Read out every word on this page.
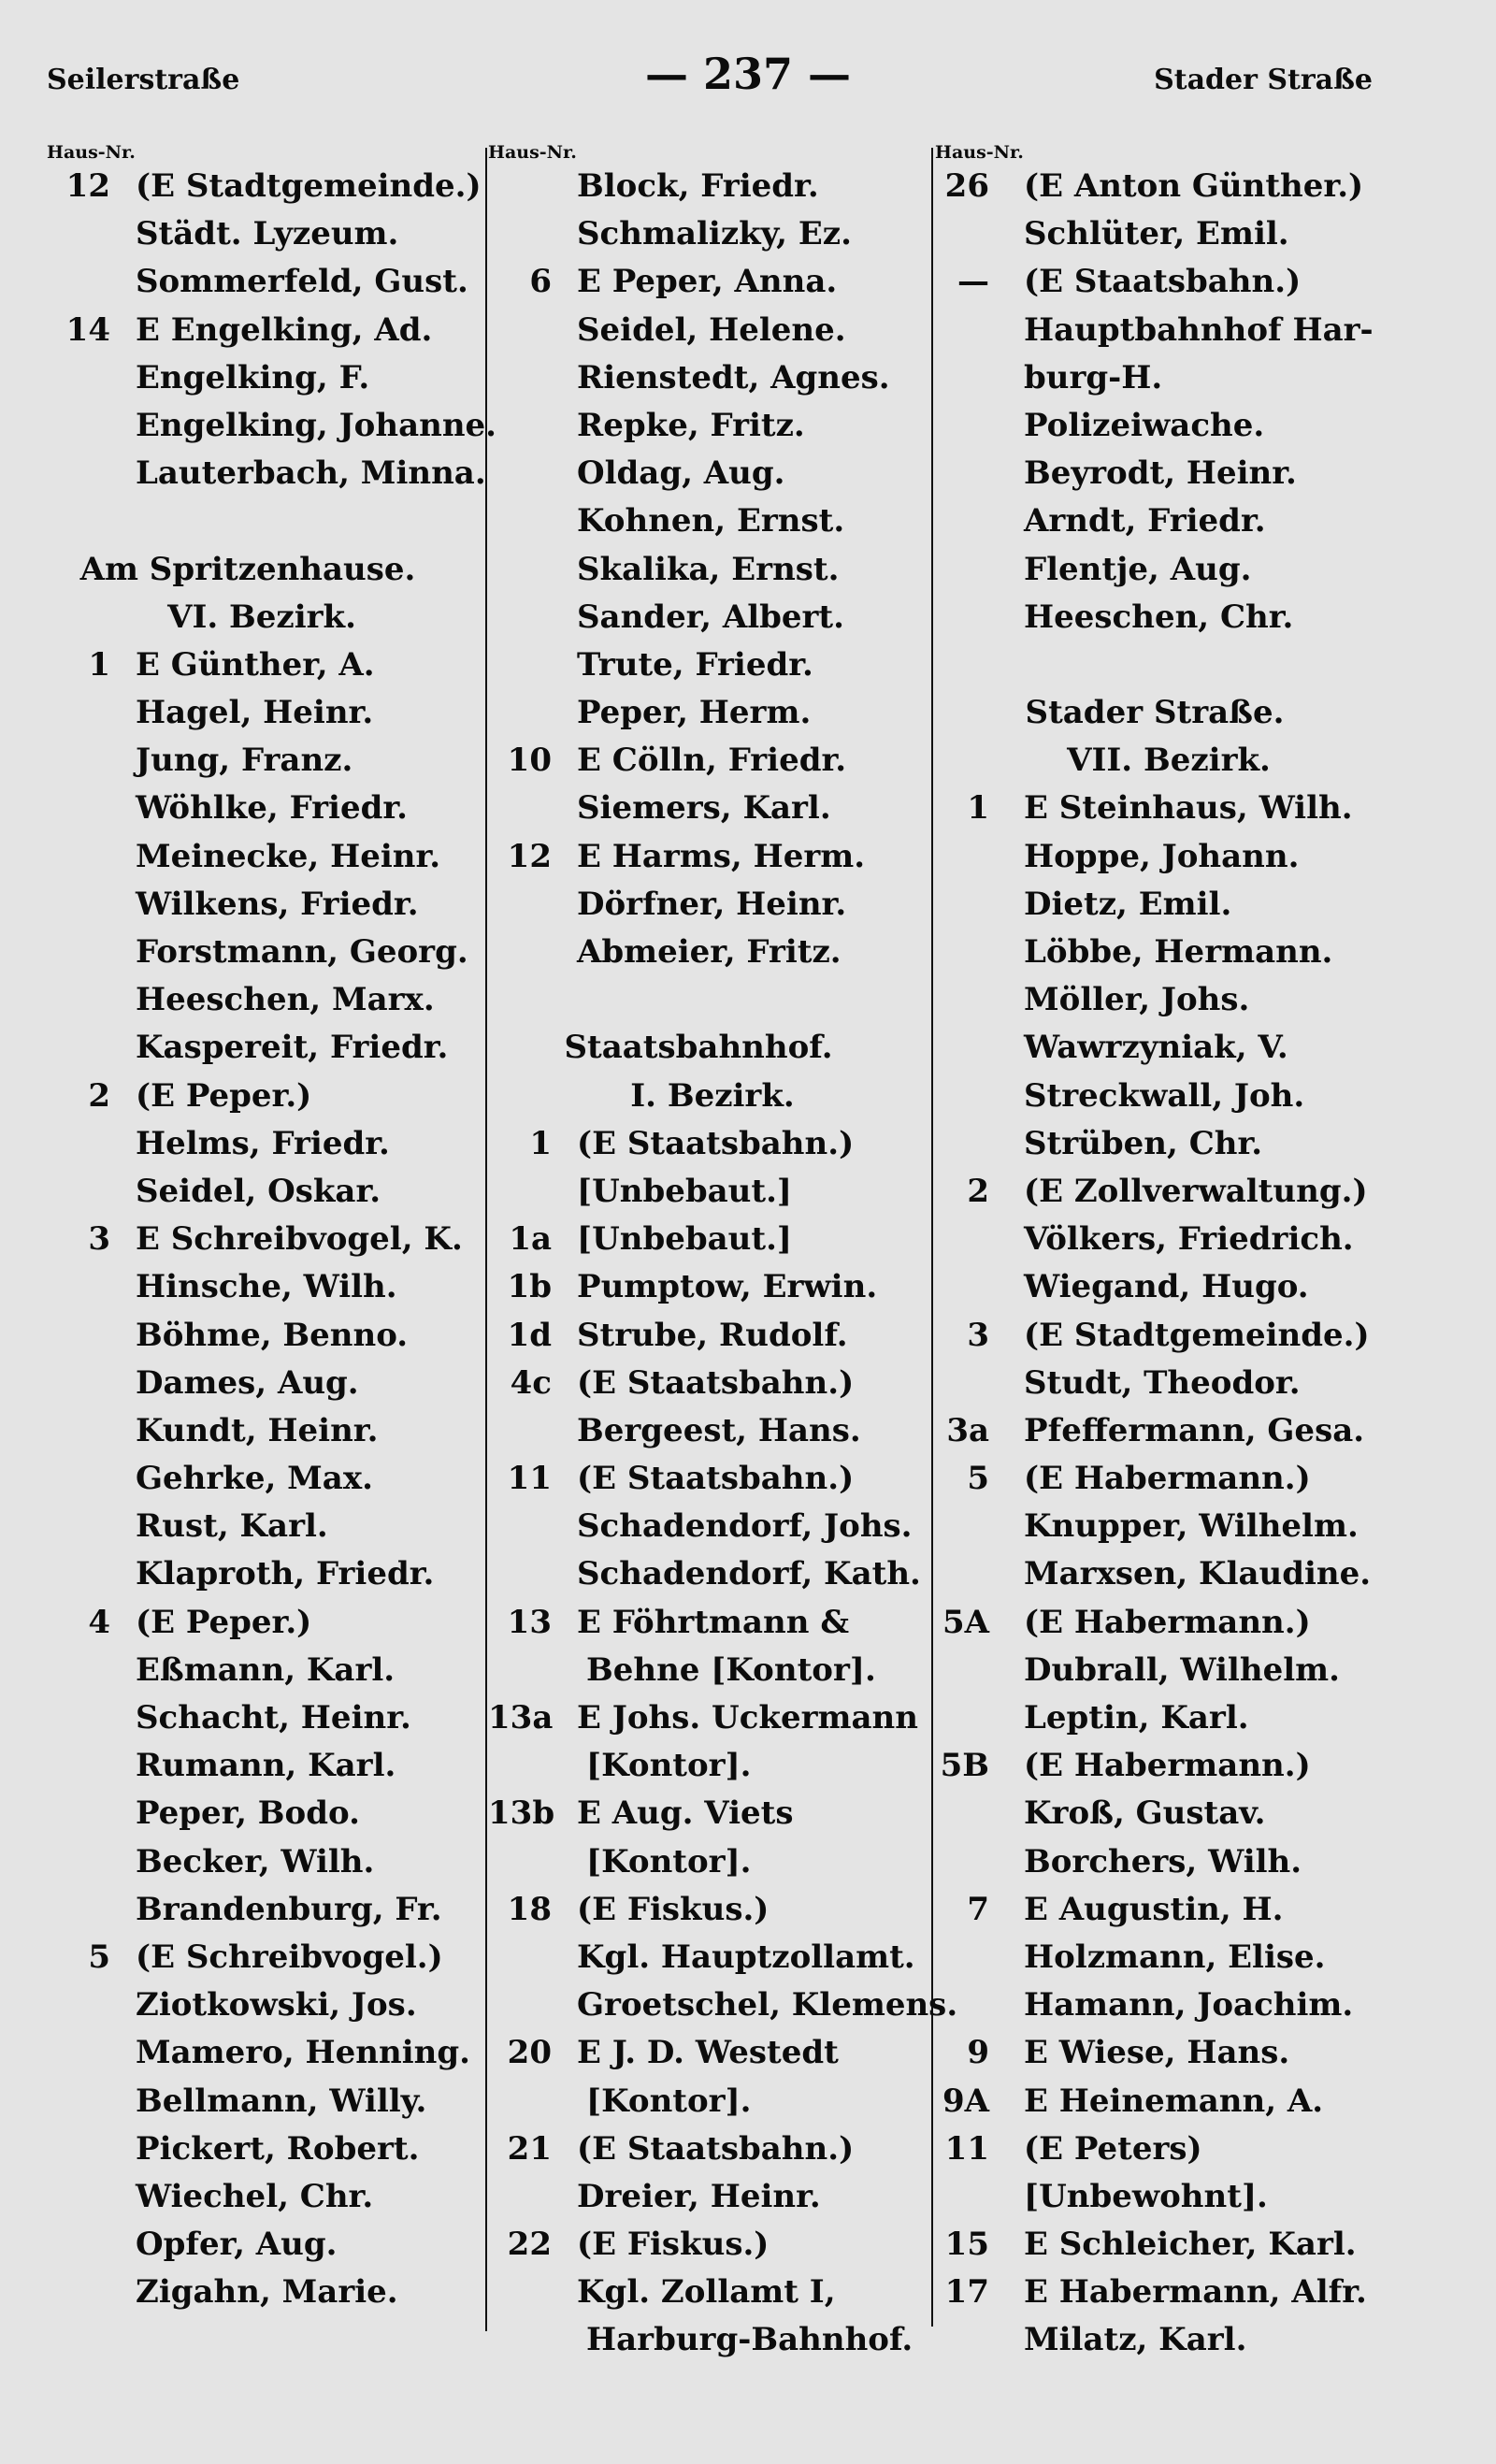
Seilerstraße	— 237 —	Stader Straße
Haus-Nr.
12 (E Stadtgemeinde.)
Städt. Lyzeum.
Sommerfeld, Gust.
14 E Engelking, Ad.
Engelking, F.
Engelking, Johanne.
Lauterbach, Minna.
Am Spritzenhause.
VI. Bezirk.
1 E Günther, A.
Hagel, Heinr.
Jung, Franz.
Wöhlke, Friedr.
Meinecke, Heinr.
Wilkens, Friedr.
Forstmann, Georg.
Heeschen, Marx.
Kaspereit, Friedr.
2 (E Peper.)
Helms, Friedr.
Seidel, Oskar.
3 E Schreibvogel, K.
Hinsche, Wilh.
Böhme, Benno.
Dames, Aug.
Kundt, Heinr.
Gehrke, Max.
Rust, Karl.
Klaproth, Friedr.
4 (E Peper.)
Eßmann, Karl.
Schacht, Heinr.
Rumann, Karl.
Peper, Bodo.
Becker, Wilh.
Brandenburg, Fr.
5 (E Schreibvogel.)
Ziotkowski, Jos.
Mamero, Henning.
Bellmann, Willy.
Pickert, Robert.
Wiechel, Chr.
Opfer, Aug.
Zigahn, Marie.
Haus-Nr.
Block, Friedr.
Schmalizky, Ez.
6 E Peper, Anna.
Seidel, Helene.
Rienstedt, Agnes.
Repke, Fritz.
Oldag, Aug.
Kohnen, Ernst.
Skalika, Ernst.
Sander, Albert.
Trute, Friedr.
Peper, Herm.
10 E Cölln, Friedr.
Siemers, Karl.
12 E Harms, Herm.
Dörfner, Heinr.
Abmeier, Fritz.
Staatsbahnhof.
I. Bezirk.
1 (E Staatsbahn.)
[Unbebaut.]
1a [Unbebaut.]
1b Pumptow, Erwin.
1d Strube, Rudolf.
4c (E Staatsbahn.)
Bergeest, Hans.
11 (E Staatsbahn.)
Schadendorf, Johs.
Schadendorf, Kath.
13 E Föhrtmann &
Behne [Kontor].
13a E Johs. Uckermann
[Kontor].
13b E Aug. Viets
[Kontor].
18 (E Fiskus.)
Kgl. Hauptzollamt.
Groetschel, Klemens.
20 E J. D. Westedt
[Kontor].
21 (E Staatsbahn.)
Dreier, Heinr.
22 (E Fiskus.)
Kgl. Zollamt I,
Harburg-Bahnhof.
Haus-Nr.
26 (E Anton Günther.)
Schlüter, Emil.
— (E Staatsbahn.)
Hauptbahnhof Har-
burg-H.
Polizeiwache.
Beyrodt, Heinr.
Arndt, Friedr.
Flentje, Aug.
Heeschen, Chr.
Stader Straße.
VII. Bezirk.
1 E Steinhaus, Wilh.
Hoppe, Johann.
Dietz, Emil.
Löbbe, Hermann.
Möller, Johs.
Wawrzyniak, V.
Streckwall, Joh.
Strüben, Chr.
2 (E Zollverwaltung.)
Völkers, Friedrich.
Wiegand, Hugo.
3 (E Stadtgemeinde.)
Studt, Theodor.
3a Pfeffermann, Gesa.
5 (E Habermann.)
Knupper, Wilhelm.
Marxsen, Klaudine.
5A (E Habermann.)
Dubrall, Wilhelm.
Leptin, Karl.
5B (E Habermann.)
Kroß, Gustav.
Borchers, Wilh.
7 E Augustin, H.
Holzmann, Elise.
Hamann, Joachim.
9 E Wiese, Hans.
9A E Heinemann, A.
11 (E Peters)
[Unbewohnt].
15 E Schleicher, Karl.
17 E Habermann, Alfr.
Milatz, Karl.
